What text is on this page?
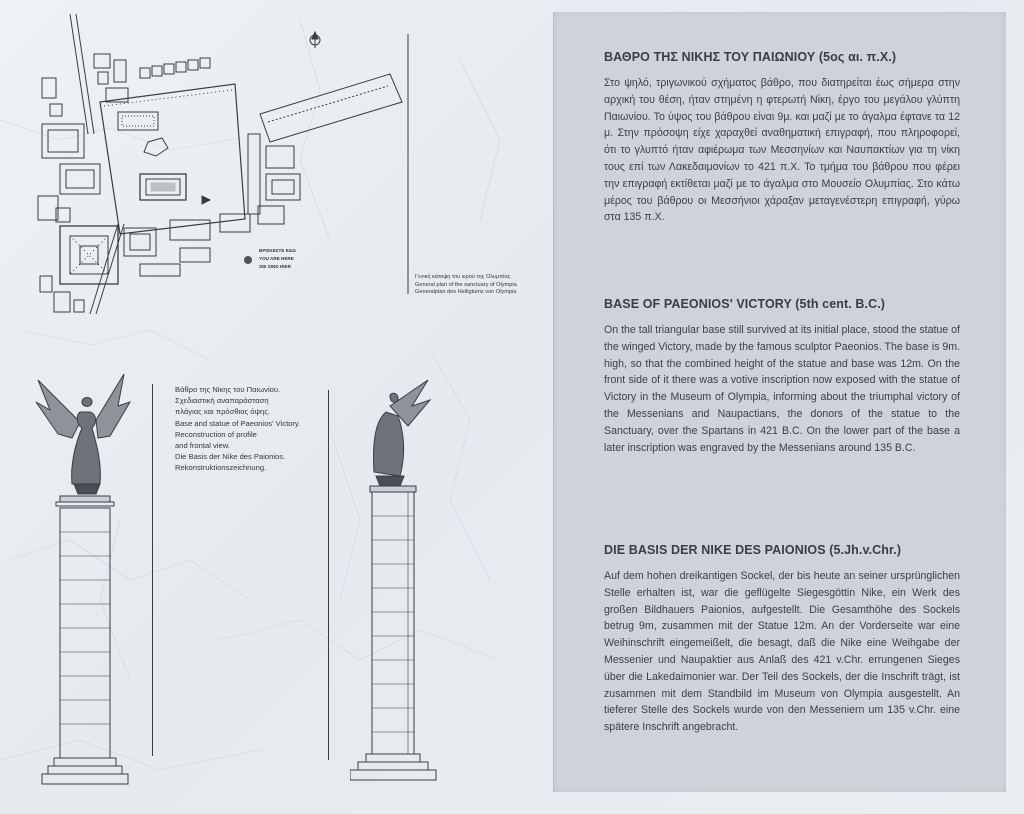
ΒΡΙΣΚΕΣΤΕ ΕΔΩ
YOU ARE HERE
SIE SIND HIER
Γενική κάτοψη του ιερού της Ολυμπίας
General plan of the sanctuary of Olympia
Generalplan des Heiligtums von Olympia
Βάθρο της Νίκης του Παιωνίου.
Σχεδιαστική αναπαράσταση
πλάγιας και πρόσθιας όψης.
Base and statue of Paeonios' Victory.
Reconstruction of profile
and frontal view.
Die Basis der Nike des Paionios.
Rekonstruktionszeichnung.
ΒΑΘΡΟ ΤΗΣ ΝΙΚΗΣ ΤΟΥ ΠΑΙΩΝΙΟΥ (5ος αι. π.Χ.)

Στο ψηλό, τριγωνικού σχήματος βάθρο, που διατηρείται έως σήμερα στην αρχική του θέση, ήταν στημένη η φτερωτή Νίκη, έργο του μεγάλου γλύπτη Παιωνίου. Το ύψος του βάθρου είναι 9μ. και μαζί με το άγαλμα έφτανε τα 12 μ. Στην πρόσοψη είχε χαραχθεί αναθηματική επιγραφή, που πληροφορεί, ότι το γλυπτό ήταν αφιέρωμα των Μεσσηνίων και Ναυπακτίων για τη νίκη τους επί των Λακεδαιμονίων το 421 π.Χ. Το τμήμα του βάθρου που φέρει την επιγραφή εκτίθεται μαζί με το άγαλμα στο Μουσείο Ολυμπίας. Στο κάτω μέρος του βάθρου οι Μεσσήνιοι χάραξαν μεταγενέστερη επιγραφή, γύρω στα 135 π.Χ.

BASE OF PAEONIOS' VICTORY (5th cent. B.C.)

On the tall triangular base still survived at its initial place, stood the statue of the winged Victory, made by the famous sculptor Paeonios. The base is 9m. high, so that the combined height of the statue and base was 12m. On the front side of it there was a votive inscription now exposed with the statue of Victory in the Museum of Olympia, informing about the triumphal victory of the Messenians and Naupactians, the donors of the statue to the Sanctuary, over the Spartans in 421 B.C. On the lower part of the base a later inscription was engraved by the Messenians around 135 B.C.

DIE BASIS DER NIKE DES PAIONIOS (5.Jh.v.Chr.)

Auf dem hohen dreikantigen Sockel, der bis heute an seiner ursprünglichen Stelle erhalten ist, war die geflügelte Siegesgöttin Nike, ein Werk des großen Bildhauers Paionios, aufgestellt. Die Gesamthöhe des Sockels betrug 9m, zusammen mit der Statue 12m. An der Vorderseite war eine Weihinschrift eingemeißelt, die besagt, daß die Nike eine Weihgabe der Messenier und Naupaktier aus Anlaß des 421 v.Chr. errungenen Sieges über die Lakedaimonier war. Der Teil des Sockels, der die Inschrift trägt, ist zusammen mit dem Standbild im Museum von Olympia ausgestellt. An tieferer Stelle des Sockels wurde von den Messeniern um 135 v.Chr. eine spätere Inschrift angebracht.
